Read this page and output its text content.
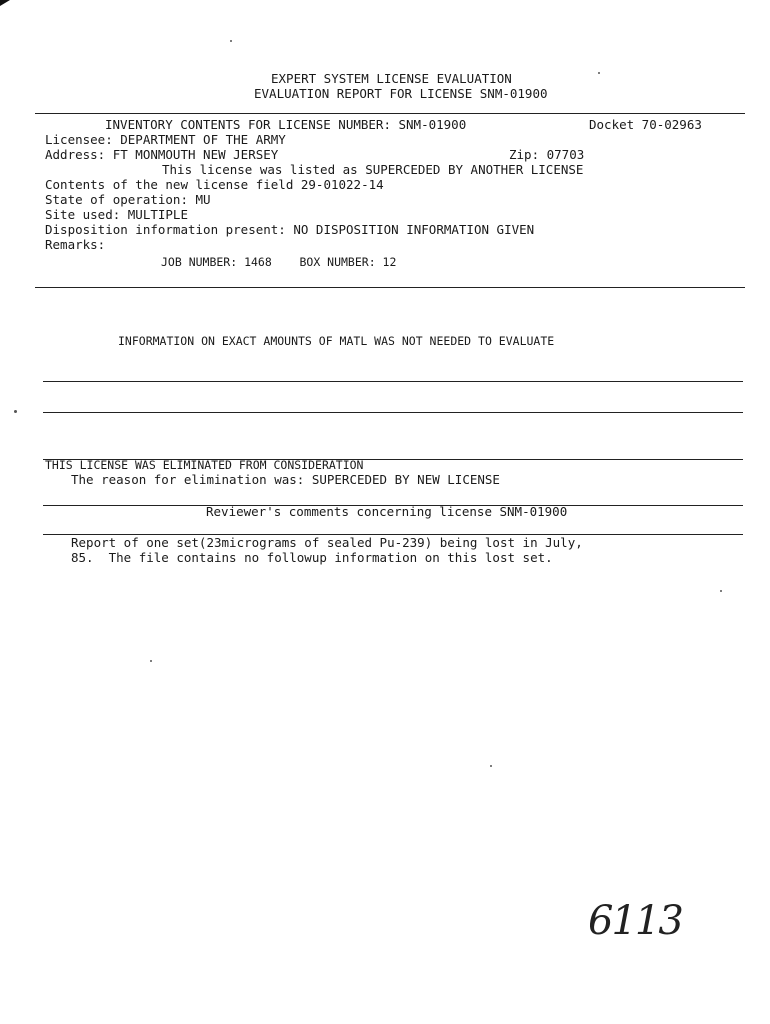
EXPERT SYSTEM LICENSE EVALUATION
EVALUATION REPORT FOR LICENSE SNM-01900
INVENTORY CONTENTS FOR LICENSE NUMBER: SNM-01900	Docket 70-02963
Licensee: DEPARTMENT OF THE ARMY
Address: FT MONMOUTH NEW JERSEY	Zip: 07703
This license was listed as SUPERCEDED BY ANOTHER LICENSE
Contents of the new license field 29-01022-14
State of operation: MU
Site used: MULTIPLE
Disposition information present: NO DISPOSITION INFORMATION GIVEN
Remarks:
JOB NUMBER: 1468    BOX NUMBER: 12
INFORMATION ON EXACT AMOUNTS OF MATL WAS NOT NEEDED TO EVALUATE
THIS LICENSE WAS ELIMINATED FROM CONSIDERATION
The reason for elimination was: SUPERCEDED BY NEW LICENSE
Reviewer's comments concerning license SNM-01900
Report of one set(23micrograms of sealed Pu-239) being lost in July,
85.  The file contains no followup information on this lost set.
6113
